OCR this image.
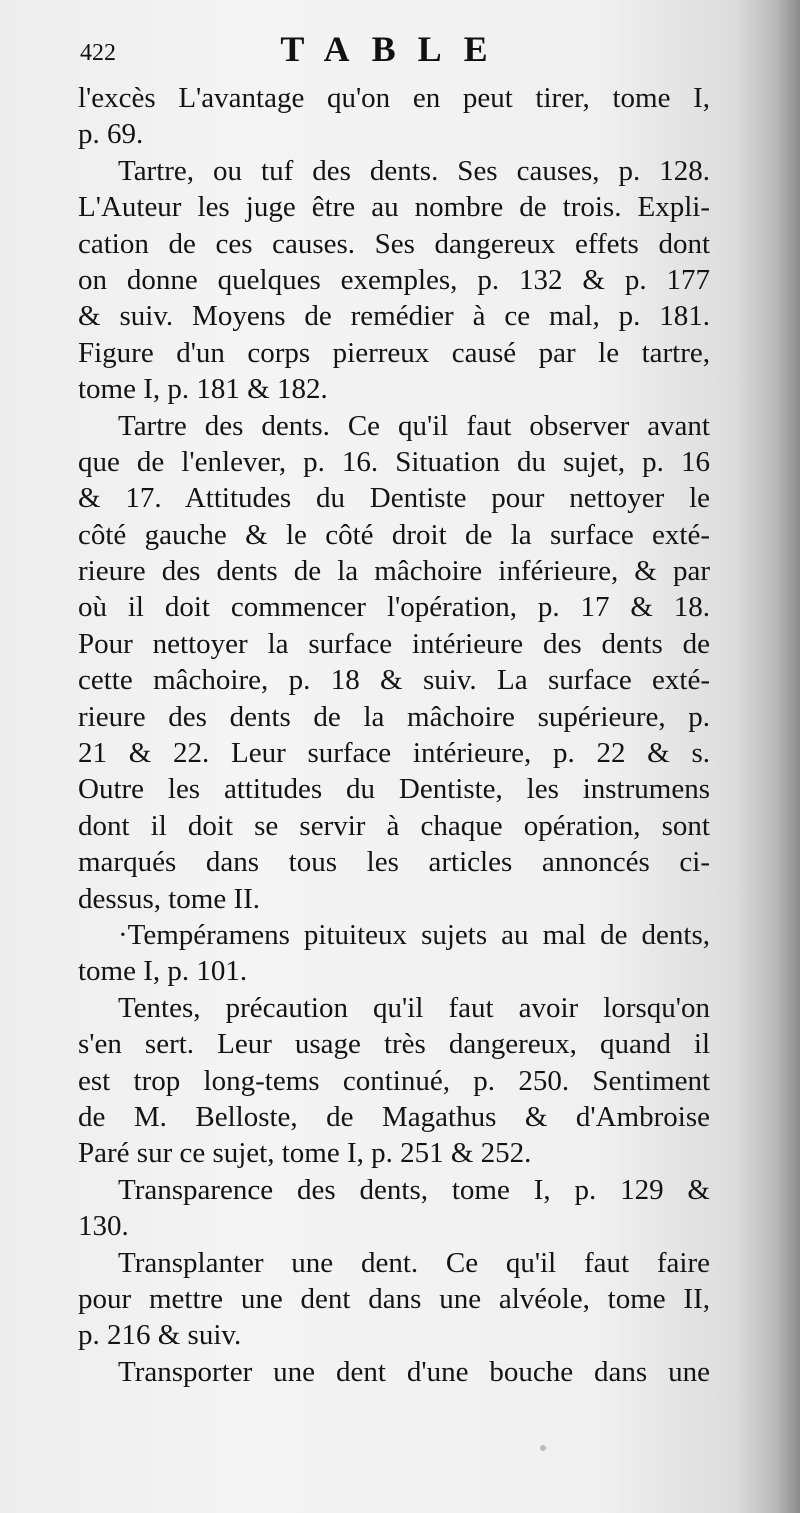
422	TABLE
l'excès L'avantage qu'on en peut tirer, tome I,
p. 69.
Tartre, ou tuf des dents. Ses causes, p. 128.
L'Auteur les juge être au nombre de trois. Expli-
cation de ces causes. Ses dangereux effets dont
on donne quelques exemples, p. 132 & p. 177
& suiv. Moyens de remédier à ce mal, p. 181.
Figure d'un corps pierreux causé par le tartre,
tome I, p. 181 & 182.
Tartre des dents. Ce qu'il faut observer avant
que de l'enlever, p. 16. Situation du sujet, p. 16
& 17. Attitudes du Dentiste pour nettoyer le
côté gauche & le côté droit de la surface exté-
rieure des dents de la mâchoire inférieure, & par
où il doit commencer l'opération, p. 17 & 18.
Pour nettoyer la surface intérieure des dents de
cette mâchoire, p. 18 & suiv. La surface exté-
rieure des dents de la mâchoire supérieure, p.
21 & 22. Leur surface intérieure, p. 22 & s.
Outre les attitudes du Dentiste, les instrumens
dont il doit se servir à chaque opération, sont
marqués dans tous les articles annoncés ci-
dessus, tome II.
·Tempéramens pituiteux sujets au mal de dents,
tome I, p. 101.
Tentes, précaution qu'il faut avoir lorsqu'on
s'en sert. Leur usage très dangereux, quand il
est trop long-tems continué, p. 250. Sentiment
de M. Belloste, de Magathus & d'Ambroise
Paré sur ce sujet, tome I, p. 251 & 252.
Transparence des dents, tome I, p. 129 &
130.
Transplanter une dent. Ce qu'il faut faire
pour mettre une dent dans une alvéole, tome II,
p. 216 & suiv.
Transporter une dent d'une bouche dans une
